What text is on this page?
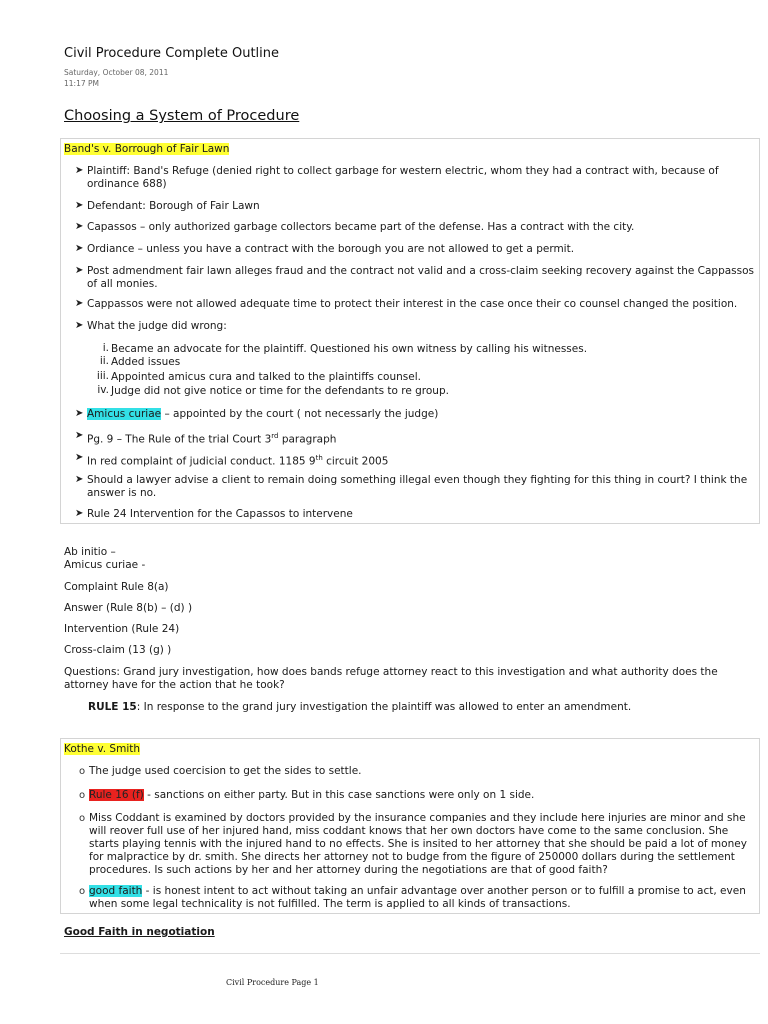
Civil Procedure Complete Outline
Saturday, October 08, 2011
11:17 PM
Choosing a System of Procedure
Band's v. Borrough of Fair Lawn
➤ Plaintiff: Band's Refuge (denied right to collect garbage for western electric, whom they had a contract with, because of ordinance 688)
➤ Defendant: Borough of Fair Lawn
➤ Capassos – only authorized garbage collectors became part of the defense. Has a contract with the city.
➤ Ordiance – unless you have a contract with the borough you are not allowed to get a permit.
➤ Post admendment fair lawn alleges fraud and the contract not valid and a cross-claim seeking recovery against the Cappassos of all monies.
➤ Cappassos were not allowed adequate time to protect their interest in the case once their co counsel changed the position.
➤ What the judge did wrong:
i. Became an advocate for the plaintiff. Questioned his own witness by calling his witnesses.
ii. Added issues
iii. Appointed amicus cura and talked to the plaintiffs counsel.
iv. Judge did not give notice or time for the defendants to re group.
➤ Amicus curiae – appointed by the court ( not necessarly the judge)
➤ Pg. 9 – The Rule of the trial Court 3rd paragraph
➤ In red complaint of judicial conduct. 1185 9th circuit 2005
➤ Should a lawyer advise a client to remain doing something illegal even though they fighting for this thing in court? I think the answer is no.
➤ Rule 24 Intervention for the Capassos to intervene
Ab initio –
Amicus curiae -
Complaint Rule 8(a)
Answer (Rule 8(b) – (d) )
Intervention (Rule 24)
Cross-claim (13 (g) )
Questions: Grand jury investigation, how does bands refuge attorney react to this investigation and what authority does the attorney have for the action that he took?
RULE 15: In response to the grand jury investigation the plaintiff was allowed to enter an amendment.
Kothe v. Smith
o The judge used coercision to get the sides to settle.
o Rule 16 (f) - sanctions on either party. But in this case sanctions were only on 1 side.
o Miss Coddant is examined by doctors provided by the insurance companies and they include here injuries are minor and she will reover full use of her injured hand, miss coddant knows that her own doctors have come to the same conclusion. She starts playing tennis with the injured hand to no effects. She is insited to her attorney that she should be paid a lot of money for malpractice by dr. smith. She directs her attorney not to budge from the figure of 250000 dollars during the settlement procedures. Is such actions by her and her attorney during the negotiations are that of good faith?
o good faith - is honest intent to act without taking an unfair advantage over another person or to fulfill a promise to act, even when some legal technicality is not fulfilled. The term is applied to all kinds of transactions.
Good Faith in negotiation
Civil Procedure Page 1
